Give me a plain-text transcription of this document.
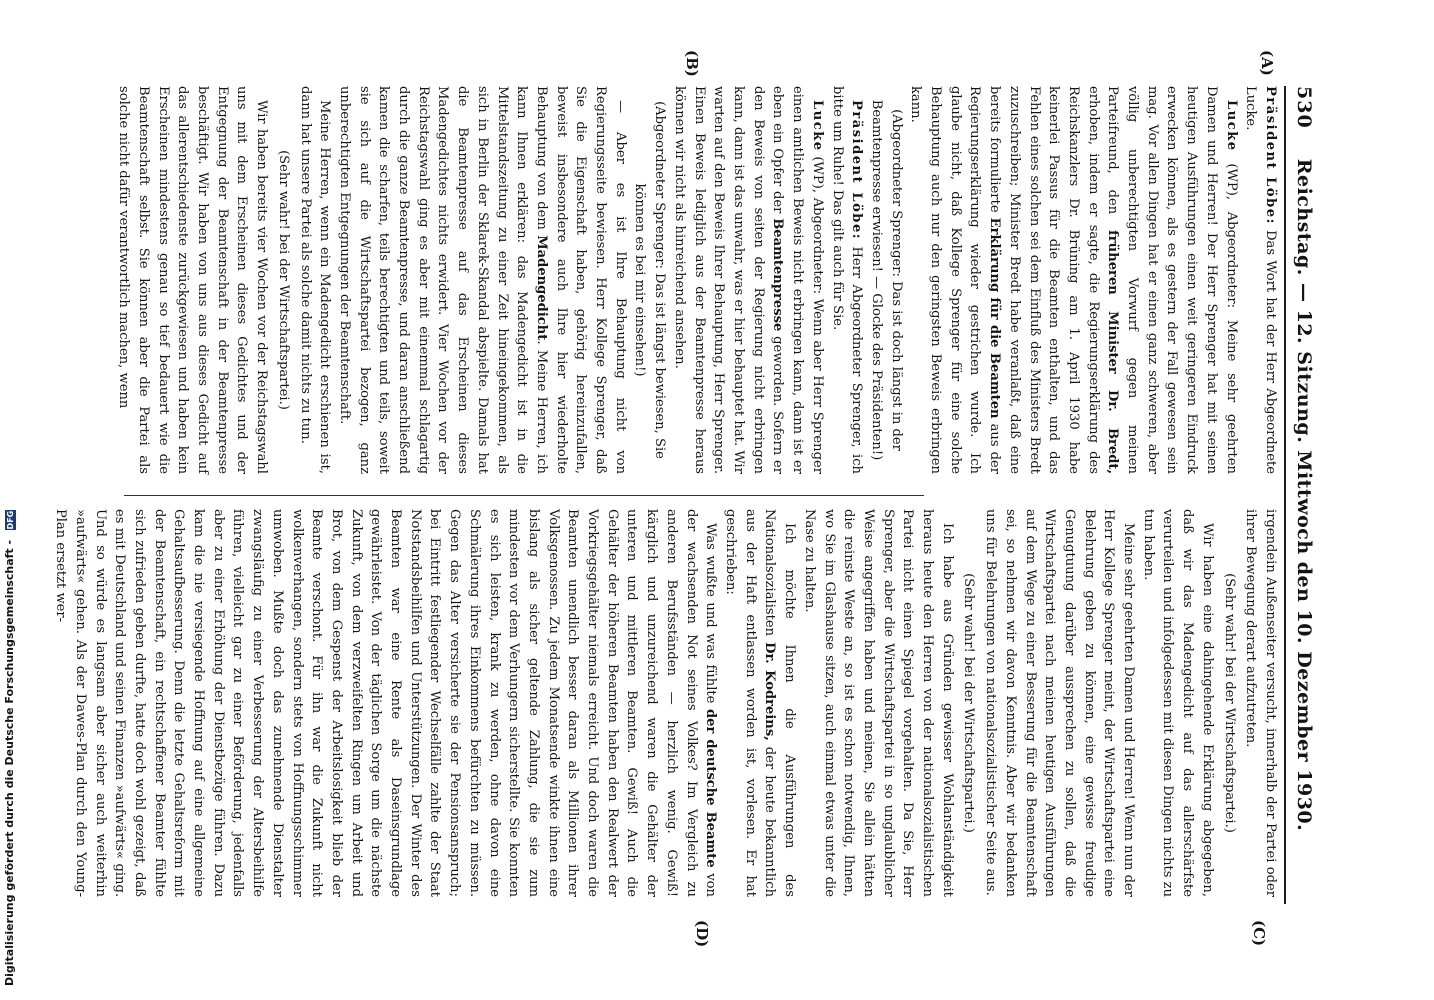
530
Reichstag. — 12. Sitzung. Mittwoch den 10. Dezember 1930.
(A)
(B)
(C)
(D)

Präsident Löbe: Das Wort hat der Herr Abgeordnete Lucke.

Lucke (WP), Abgeordneter: Meine sehr geehrten Damen und Herren! Der Herr Sprenger hat mit seinen heutigen Ausführungen einen weit geringeren Eindruck erwecken können, als es gestern der Fall gewesen sein mag. Vor allen Dingen hat er einen ganz schweren, aber völlig unberechtigten Vorwurf gegen meinen Parteifreund, den früheren Minister Dr. Bredt, erhoben, indem er sagte, die Regierungserklärung des Reichskanzlers Dr. Brüning am 1. April 1930 habe keinerlei Passus für die Beamten enthalten, und das Fehlen eines solchen sei dem Einfluß des Ministers Bredt zuzuschreiben; Minister Bredt habe veranlaßt, daß eine bereits formulierte Erklärung für die Beamten aus der Regierungserklärung wieder gestrichen wurde. Ich glaube nicht, daß Kollege Sprenger für eine solche Behauptung auch nur den geringsten Beweis erbringen kann.

(Abgeordneter Sprenger: Das ist doch längst in der Beamtenpresse erwiesen! — Glocke des Präsidenten!)

Präsident Löbe: Herr Abgeordneter Sprenger, ich bitte um Ruhe! Das gilt auch für Sie.

Lucke (WP), Abgeordneter: Wenn aber Herr Sprenger einen amtlichen Beweis nicht erbringen kann, dann ist er eben ein Opfer der Beamtenpresse geworden. Sofern er den Beweis von seiten der Regierung nicht erbringen kann, dann ist das unwahr, was er hier behauptet hat. Wir warten auf den Beweis Ihrer Behauptung, Herr Sprenger. Einen Beweis lediglich aus der Beamtenpresse heraus können wir nicht als hinreichend ansehen.

(Abgeordneter Sprenger: Das ist längst bewiesen, Sie können es bei mir einsehen!)

— Aber es ist Ihre Behauptung nicht von Regierungsseite bewiesen. Herr Kollege Sprenger, daß Sie die Eigenschaft haben, gehörig hereinzufallen, beweist insbesondere auch Ihre hier wiederholte Behauptung von dem Madengedicht. Meine Herren, ich kann Ihnen erklären: das Madengedicht ist in die Mittelstandszeitung zu einer Zeit hineingekommen, als sich in Berlin der Sklarek-Skandal abspielte. Damals hat die Beamtenpresse auf das Erscheinen dieses Madengedichtes nichts erwidert. Vier Wochen vor der Reichstagswahl ging es aber mit einemmal schlagartig durch die ganze Beamtenpresse, und daran anschließend kamen die scharfen, teils berechtigten und teils, soweit sie sich auf die Wirtschaftspartei bezogen, ganz unberechtigten Entgegnungen der Beamtenschaft.

Meine Herren, wenn ein Madengedicht erschienen ist, dann hat unsere Partei als solche damit nichts zu tun.

(Sehr wahr! bei der Wirtschaftspartei.)

Wir haben bereits vier Wochen vor der Reichstagswahl uns mit dem Erscheinen dieses Gedichtes und der Entgegnung der Beamtenschaft in der Beamtenpresse beschäftigt. Wir haben von uns aus dieses Gedicht auf das allerentschiedenste zurückgewiesen und haben kein Erscheinen mindestens genau so tief bedauert wie die Beamtenschaft selbst. Sie können aber die Partei als solche nicht dafür verantwortlich machen, wenn

irgendein Außenseiter versucht, innerhalb der Partei oder ihrer Bewegung derart aufzutreten.

(Sehr wahr! bei der Wirtschaftspartei.)

Wir haben eine dahingehende Erklärung abgegeben, daß wir das Madengedicht auf das allerschärfste verurteilen und infolgedessen mit diesen Dingen nichts zu tun haben.

Meine sehr geehrten Damen und Herren! Wenn nun der Herr Kollege Sprenger meint, der Wirtschaftspartei eine Belehrung geben zu können, eine gewisse freudige Genugtuung darüber aussprechen zu sollen, daß die Wirtschaftspartei nach meinen heutigen Ausführungen auf dem Wege zu einer Besserung für die Beamtenschaft sei, so nehmen wir davon Kenntnis. Aber wir bedanken uns für Belehrungen von nationalsozialistischer Seite aus.

(Sehr wahr! bei der Wirtschaftspartei.)

Ich habe aus Gründen gewisser Wohlanständigkeit heraus heute den Herren von der nationalsozialistischen Partei nicht einen Spiegel vorgehalten. Da Sie, Herr Sprenger, aber die Wirtschaftspartei in so unglaublicher Weise angegriffen haben und meinen, Sie allein hätten die reinste Weste an, so ist es schon notwendig, Ihnen, wo Sie im Glashause sitzen, auch einmal etwas unter die Nase zu halten.

Ich möchte Ihnen die Ausführungen des Nationalsozialisten Dr. Kodreins, der heute bekanntlich aus der Haft entlassen worden ist, vorlesen. Er hat geschrieben:

Was wußte und was fühlte der deutsche Beamte von der wachsenden Not seines Volkes? Im Vergleich zu anderen Berufsständen — herzlich wenig. Gewiß! kärglich und unzureichend waren die Gehälter der unteren und mittleren Beamten. Gewiß! Auch die Gehälter der höheren Beamten haben den Realwert der Vorkriegsgehälter niemals erreicht. Und doch waren die Beamten unendlich besser daran als Millionen ihrer Volksgenossen. Zu jedem Monatsende winkte ihnen eine bislang als sicher geltende Zahlung, die sie zum mindesten vor dem Verhungern sicherstellte. Sie konnten es sich leisten, krank zu werden, ohne davon eine Schmälerung ihres Einkommens befürchten zu müssen. Gegen das Alter versicherte sie der Pensionsanspruch; bei Eintritt festliegender Wechselfälle zahlte der Staat Notstandsbeihilfen und Unterstützungen. Der Winter des Beamten war eine Rente als Daseinsgrundlage gewährleistet. Von der täglichen Sorge um die nächste Zukunft, von dem verzweifelten Ringen um Arbeit und Brot, von dem Gespenst der Arbeitslosigkeit blieb der Beamte verschont. Für ihn war die Zukunft nicht wolkenverhangen, sondern stets von Hoffnungsschimmer umwoben. Mußte doch das zunehmende Dienstalter zwangsläufig zu einer Verbesserung der Altersbeihilfe führen, vielleicht gar zu einer Beförderung, jedenfalls aber zu einer Erhöhung der Dienstbezüge führen. Dazu kam die nie versiegende Hoffnung auf eine allgemeine Gehaltsaufbesserung. Denn die letzte Gehaltsreform mit der Beamtenschaft, ein rechtschaffener Beamter fühlte sich zufrieden geben durfte, hatte doch wohl gezeigt, daß es mit Deutschland und seinen Finanzen »aufwärts« ging. Und so würde es langsam aber sicher auch weiterhin »aufwärts« gehen. Als der Dawes-Plan durch den Young-Plan ersetzt wer-

Digitalisierung gefördert durch die Deutsche Forschungsgemeinschaft - DFG
